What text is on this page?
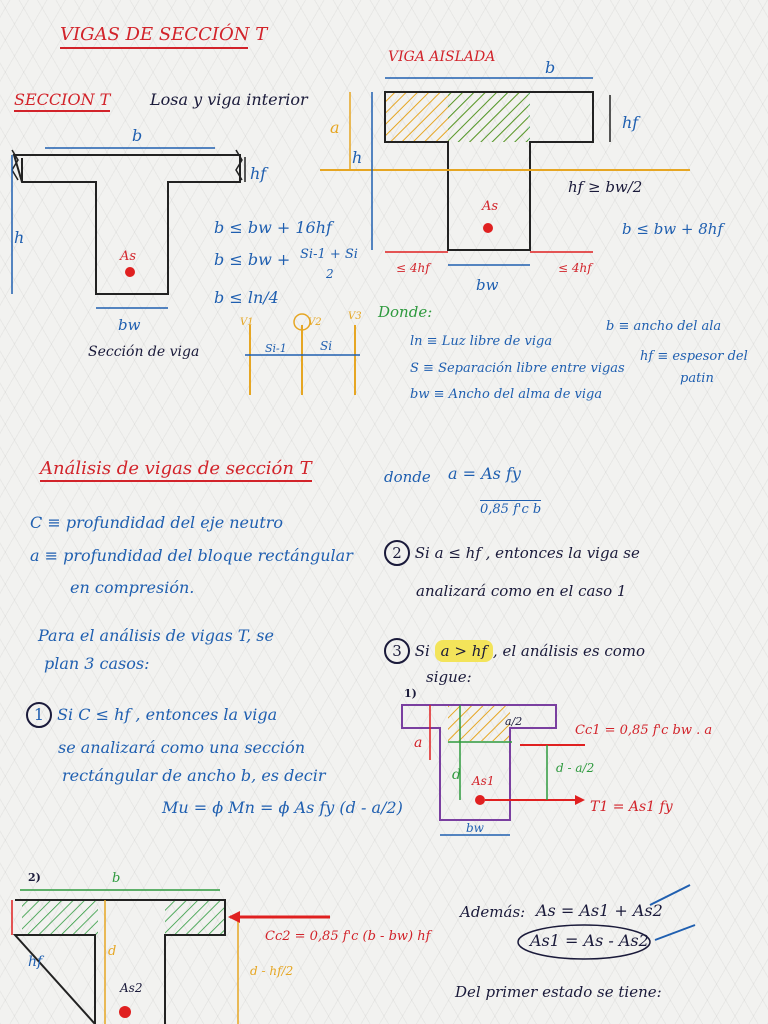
VIGAS DE SECCIÓN T
SECCION T Losa y viga interior
b
hf
h
As
bw
Sección de viga
b ≤ bw + 16hf
b ≤ bw + Si-1 + Si
2
b ≤ ln/4
V1	V2
V3
Si-1	Si
VIGA AISLADA
b
hf
a
h
As
hf ≥ bw/2
b ≤ bw + 8hf
≤ 4hf	≤ 4hf
bw
Donde:
ln ≡ Luz libre de viga
S ≡ Separación libre entre vigas
bw ≡ Ancho del alma de viga
b ≡ ancho del ala
hf ≡ espesor del
patin
Análisis de vigas de sección T
C ≡ profundidad del eje neutro
a ≡ profundidad del bloque rectángular
en compresión.
Para el análisis de vigas T, se
plan 3 casos:
1 Si C ≤ hf , entonces la viga
se analizará como una sección
rectángular de ancho b, es decir
Mu = ϕ Mn = ϕ As fy (d - a/2)
donde a = As fy
0,85 f'c b
2 Si a ≤ hf , entonces la viga se
analizará como en el caso 1
3 Si a > hf , el análisis es como
sigue:
1)
a
d
a/2
d - a/2
As1
bw
Cc1 = 0,85 f'c bw . a
T1 = As1 fy
2)	b
hf
d
As2
Cc2 = 0,85 f'c (b - bw) hf
d - hf/2
Además: As = As1 + As2
As1 = As - As2
Del primer estado se tiene:
